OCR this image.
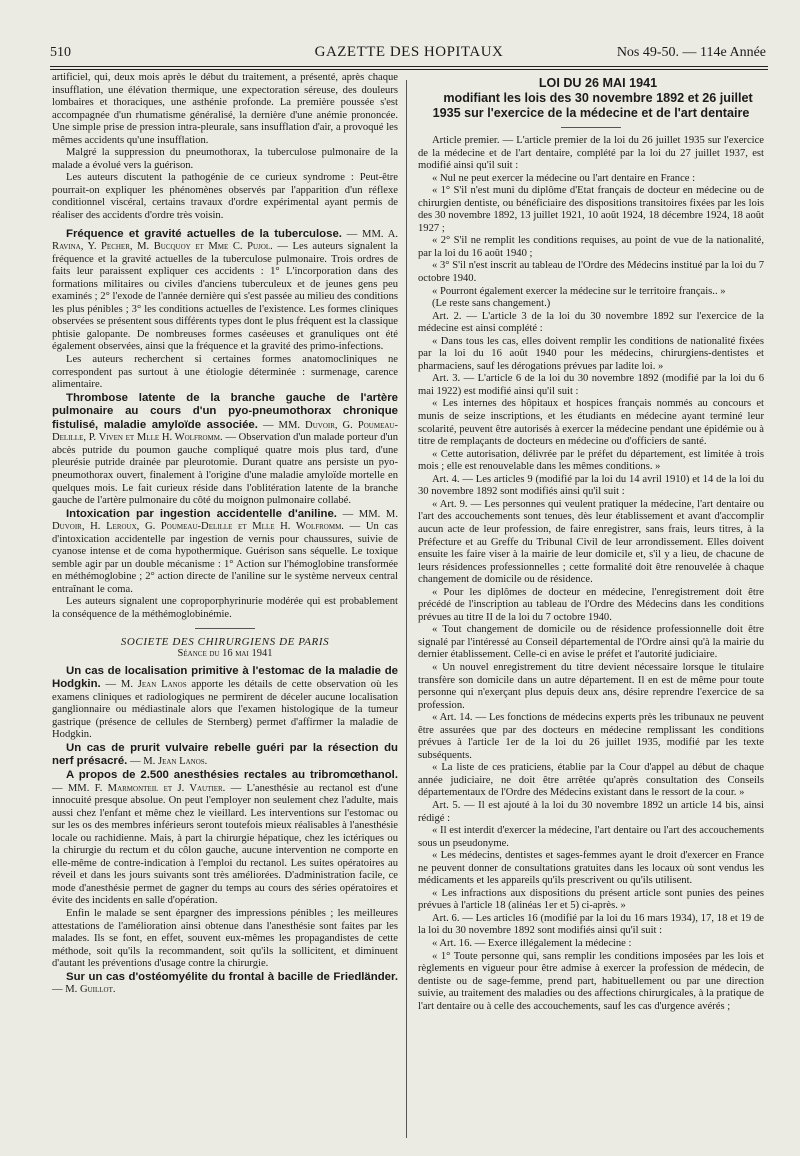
510	GAZETTE DES HOPITAUX	Nos 49-50. — 114e Année

artificiel, qui, deux mois après le début du traitement, a présenté, après chaque insufflation, une élévation thermique, une expectoration séreuse, des douleurs lombaires et thoraciques, une asthénie profonde. La première poussée s'est accompagnée d'un rhumatisme généralisé, la dernière d'une anémie prononcée. Une simple prise de pression intra-pleurale, sans insufflation d'air, a provoqué les mêmes accidents qu'une insufflation.

Malgré la suppression du pneumothorax, la tuberculose pulmonaire de la malade a évolué vers la guérison.

Les auteurs discutent la pathogénie de ce curieux syndrome : Peut-être pourrait-on expliquer les phénomènes observés par l'apparition d'un réflexe conditionnel viscéral, certains travaux d'ordre expérimental ayant permis de réaliser des accidents d'ordre très voisin.

Fréquence et gravité actuelles de la tuberculose. — MM. A. Ravina, Y. Pecher, M. Bucquoy et Mme C. Pujol. — Les auteurs signalent la fréquence et la gravité actuelles de la tuberculose pulmonaire. Trois ordres de faits leur paraissent expliquer ces accidents : 1° L'incorporation dans des formations militaires ou civiles d'anciens tuberculeux et de jeunes gens peu examinés ; 2° l'exode de l'année dernière qui s'est passée au milieu des conditions les plus pénibles ; 3° les conditions actuelles de l'existence. Les formes cliniques observées se présentent sous différents types dont le plus fréquent est la classique phtisie galopante. De nombreuses formes caséeuses et granuliques ont été également observées, ainsi que la fréquence et la gravité des primo-infections.

Les auteurs recherchent si certaines formes anatomocliniques ne correspondent pas surtout à une étiologie déterminée : surmenage, carence alimentaire.

Thrombose latente de la branche gauche de l'artère pulmonaire au cours d'un pyo-pneumothorax chronique fistulisé, maladie amyloïde associée. — MM. Duvoir, G. Poumeau-Delille, P. Viven et Mlle H. Wolfromm. — Observation d'un malade porteur d'un abcès putride du poumon gauche compliqué quatre mois plus tard, d'une pleurésie putride drainée par pleurotomie. Durant quatre ans persiste un pyo-pneumothorax ouvert, finalement à l'origine d'une maladie amyloïde mortelle en quelques mois. Le fait curieux réside dans l'oblitération latente de la branche gauche de l'artère pulmonaire du côté du moignon pulmonaire collabé.

Intoxication par ingestion accidentelle d'aniline. — MM. M. Duvoir, H. Leroux, G. Poumeau-Delille et Mlle H. Wolfromm. — Un cas d'intoxication accidentelle par ingestion de vernis pour chaussures, suivie de cyanose intense et de coma hypothermique. Guérison sans séquelle. Le toxique semble agir par un double mécanisme : 1° Action sur l'hémoglobine transformée en méthémoglobine ; 2° action directe de l'aniline sur le système nerveux central entraînant le coma.

Les auteurs signalent une coproporphyrinurie modérée qui est probablement la conséquence de la méthémoglobinémie.

SOCIETE DES CHIRURGIENS DE PARIS

Séance du 16 mai 1941

Un cas de localisation primitive à l'estomac de la maladie de Hodgkin. — M. Jean Lanos apporte les détails de cette observation où les examens cliniques et radiologiques ne permirent de déceler aucune localisation ganglionnaire ou médiastinale alors que l'examen histologique de la tumeur gastrique (présence de cellules de Sternberg) permet d'affirmer la maladie de Hodgkin.

Un cas de prurit vulvaire rebelle guéri par la résection du nerf présacré. — M. Jean Lanos.

A propos de 2.500 anesthésies rectales au tribromœthanol. — MM. F. Marmonteil et J. Vautier. — L'anesthésie au rectanol est d'une innocuité presque absolue. On peut l'employer non seulement chez l'adulte, mais aussi chez l'enfant et même chez le vieillard. Les interventions sur l'estomac ou sur les os des membres inférieurs seront toutefois mieux réalisables à l'anesthésie locale ou rachidienne. Mais, à part la chirurgie hépatique, chez les ictériques ou la chirurgie du rectum et du côlon gauche, aucune intervention ne comporte en elle-même de contre-indication à l'emploi du rectanol. Les suites opératoires au réveil et dans les jours suivants sont très améliorées. D'administration facile, ce mode d'anesthésie permet de gagner du temps au cours des séries opératoires et évite des incidents en salle d'opération.

Enfin le malade se sent épargner des impressions pénibles ; les meilleures attestations de l'amélioration ainsi obtenue dans l'anesthésie sont faites par les malades. Ils se font, en effet, souvent eux-mêmes les propagandistes de cette méthode, soit qu'ils la recommandent, soit qu'ils la sollicitent, et diminuent d'autant les préventions d'usage contre la chirurgie.

Sur un cas d'ostéomyélite du frontal à bacille de Friedländer. — M. Guillot.

LOI DU 26 MAI 1941

modifiant les lois des 30 novembre 1892 et 26 juillet 1935 sur l'exercice de la médecine et de l'art dentaire

Article premier. — L'article premier de la loi du 26 juillet 1935 sur l'exercice de la médecine et de l'art dentaire, complété par la loi du 27 juillet 1937, est modifié ainsi qu'il suit :

« Nul ne peut exercer la médecine ou l'art dentaire en France :

« 1° S'il n'est muni du diplôme d'Etat français de docteur en médecine ou de chirurgien dentiste, ou bénéficiaire des dispositions transitoires fixées par les lois des 30 novembre 1892, 13 juillet 1921, 10 août 1924, 18 décembre 1924, 18 août 1927 ;

« 2° S'il ne remplit les conditions requises, au point de vue de la nationalité, par la loi du 16 août 1940 ;

« 3° S'il n'est inscrit au tableau de l'Ordre des Médecins institué par la loi du 7 octobre 1940.

« Pourront également exercer la médecine sur le territoire français.. »

(Le reste sans changement.)

Art. 2. — L'article 3 de la loi du 30 novembre 1892 sur l'exercice de la médecine est ainsi complété :

« Dans tous les cas, elles doivent remplir les conditions de nationalité fixées par la loi du 16 août 1940 pour les médecins, chirurgiens-dentistes et pharmaciens, sauf les dérogations prévues par ladite loi. »

Art. 3. — L'article 6 de la loi du 30 novembre 1892 (modifié par la loi du 6 mai 1922) est modifié ainsi qu'il suit :

« Les internes des hôpitaux et hospices français nommés au concours et munis de seize inscriptions, et les étudiants en médecine ayant terminé leur scolarité, peuvent être autorisés à exercer la médecine pendant une épidémie ou à titre de remplaçants de docteurs en médecine ou d'officiers de santé.

« Cette autorisation, délivrée par le préfet du département, est limitée à trois mois ; elle est renouvelable dans les mêmes conditions. »

Art. 4. — Les articles 9 (modifié par la loi du 14 avril 1910) et 14 de la loi du 30 novembre 1892 sont modifiés ainsi qu'il suit :

« Art. 9. — Les personnes qui veulent pratiquer la médecine, l'art dentaire ou l'art des accouchements sont tenues, dès leur établissement et avant d'accomplir aucun acte de leur profession, de faire enregistrer, sans frais, leurs titres, à la Préfecture et au Greffe du Tribunal Civil de leur arrondissement. Elles doivent ensuite les faire viser à la mairie de leur domicile et, s'il y a lieu, de chacune de leurs résidences professionnelles ; cette formalité doit être renouvelée à chaque changement de domicile ou de résidence.

« Pour les diplômes de docteur en médecine, l'enregistrement doit être précédé de l'inscription au tableau de l'Ordre des Médecins dans les conditions prévues au titre II de la loi du 7 octobre 1940.

« Tout changement de domicile ou de résidence professionnelle doit être signalé par l'intéressé au Conseil départemental de l'Ordre ainsi qu'à la mairie du dernier établissement. Celle-ci en avise le préfet et l'autorité judiciaire.

« Un nouvel enregistrement du titre devient nécessaire lorsque le titulaire transfère son domicile dans un autre département. Il en est de même pour toute personne qui n'exerçant plus depuis deux ans, désire reprendre l'exercice de sa profession.

« Art. 14. — Les fonctions de médecins experts près les tribunaux ne peuvent être assurées que par des docteurs en médecine remplissant les conditions prévues à l'article 1er de la loi du 26 juillet 1935, modifié par les texte subséquents.

« La liste de ces praticiens, établie par la Cour d'appel au début de chaque année judiciaire, ne doit être arrêtée qu'après consultation des Conseils départementaux de l'Ordre des Médecins existant dans le ressort de la cour. »

Art. 5. — Il est ajouté à la loi du 30 novembre 1892 un article 14 bis, ainsi rédigé :

« Il est interdit d'exercer la médecine, l'art dentaire ou l'art des accouchements sous un pseudonyme.

« Les médecins, dentistes et sages-femmes ayant le droit d'exercer en France ne peuvent donner de consultations gratuites dans les locaux où sont vendus les médicaments et les appareils qu'ils prescrivent ou qu'ils utilisent.

« Les infractions aux dispositions du présent article sont punies des peines prévues à l'article 18 (alinéas 1er et 5) ci-après. »

Art. 6. — Les articles 16 (modifié par la loi du 16 mars 1934), 17, 18 et 19 de la loi du 30 novembre 1892 sont modifiés ainsi qu'il suit :

« Art. 16. — Exerce illégalement la médecine :

« 1° Toute personne qui, sans remplir les conditions imposées par les lois et règlements en vigueur pour être admise à exercer la profession de médecin, de dentiste ou de sage-femme, prend part, habituellement ou par une direction suivie, au traitement des maladies ou des affections chirurgicales, à la pratique de l'art dentaire ou à celle des accouchements, sauf les cas d'urgence avérés ;
